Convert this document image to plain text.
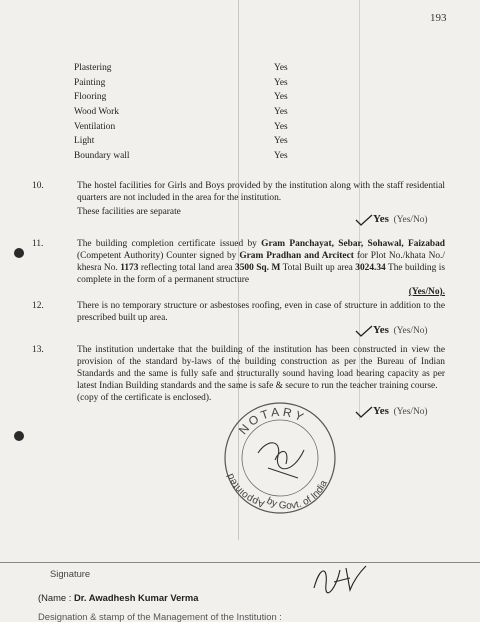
193
Plastering	Yes
Painting	Yes
Flooring	Yes
Wood Work	Yes
Ventilation	Yes
Light	Yes
Boundary wall	Yes
10.	The hostel facilities for Girls and Boys provided by the institution along with the staff residential quarters are not included in the area for the institution.

These facilities are separate

Yes (Yes/No)
11.	The building completion certificate issued by Gram Panchayat, Sebar, Sohawal, Faizabad (Competent Authority) Counter signed by Gram Pradhan and Arcitect for Plot No./khata No./ khesra No. 1173 reflecting total land area 3500 Sq. M Total Built up area 3024.34 The building is complete in the form of a permanent structure

(Yes/No).

12.	There is no temporary structure or asbestoses roofing, even in case of structure in addition to the prescribed built up area.

Yes (Yes/No)
13.	The institution undertake that the building of the institution has been constructed in view the provision of the standard by-laws of the building construction as per the Bureau of Indian Standards and the same is fully safe and structurally sound having load bearing capacity as per latest Indian Building standards and the same is safe & secure to run the teacher training course.

(copy of the certificate is enclosed).

Yes (Yes/No)
NOTARY
Appointed
by Govt. of India
Signature
(Name : Dr. Awadhesh Kumar Verma
Designation & stamp of the Management of the Institution :
